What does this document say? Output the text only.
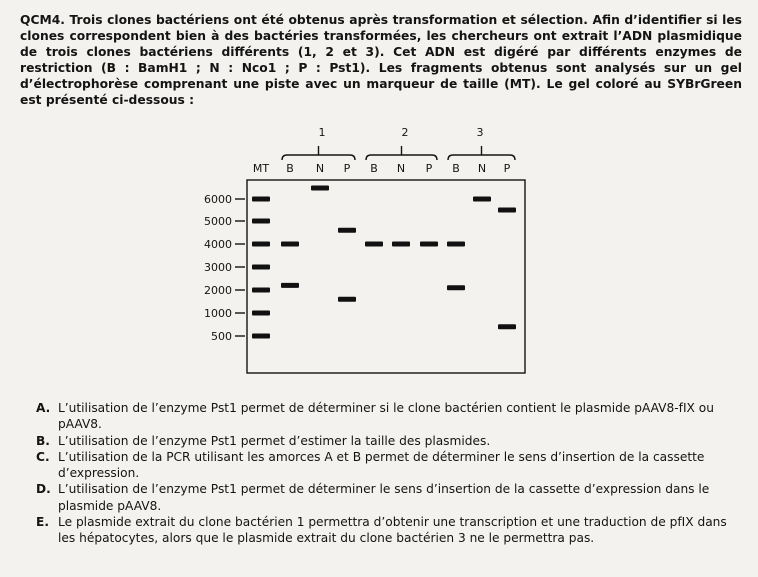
QCM4. Trois clones bactériens ont été obtenus après transformation et sélection. Afin d’identifier si les clones correspondent bien à des bactéries transformées, les chercheurs ont extrait l’ADN plasmidique de trois clones bactériens différents (1, 2 et 3). Cet ADN est digéré par différents enzymes de restriction (B : BamH1 ; N : Nco1 ; P : Pst1). Les fragments obtenus sont analysés sur un gel d’électrophorèse comprenant une piste avec un marqueur de taille (MT). Le gel coloré au SYBrGreen est présenté ci-dessous :

1	2	3
MT B N P B N P B N P
6000
5000
4000
3000
2000
1000
500
A. L’utilisation de l’enzyme Pst1 permet de déterminer si le clone bactérien contient le plasmide pAAV8-fIX ou pAAV8.
B. L’utilisation de l’enzyme Pst1 permet d’estimer la taille des plasmides.
C. L’utilisation de la PCR utilisant les amorces A et B permet de déterminer le sens d’insertion de la cassette d’expression.
D. L’utilisation de l’enzyme Pst1 permet de déterminer le sens d’insertion de la cassette d’expression dans le plasmide pAAV8.
E. Le plasmide extrait du clone bactérien 1 permettra d’obtenir une transcription et une traduction de pfIX dans les hépatocytes, alors que le plasmide extrait du clone bactérien 3 ne le permettra pas.
